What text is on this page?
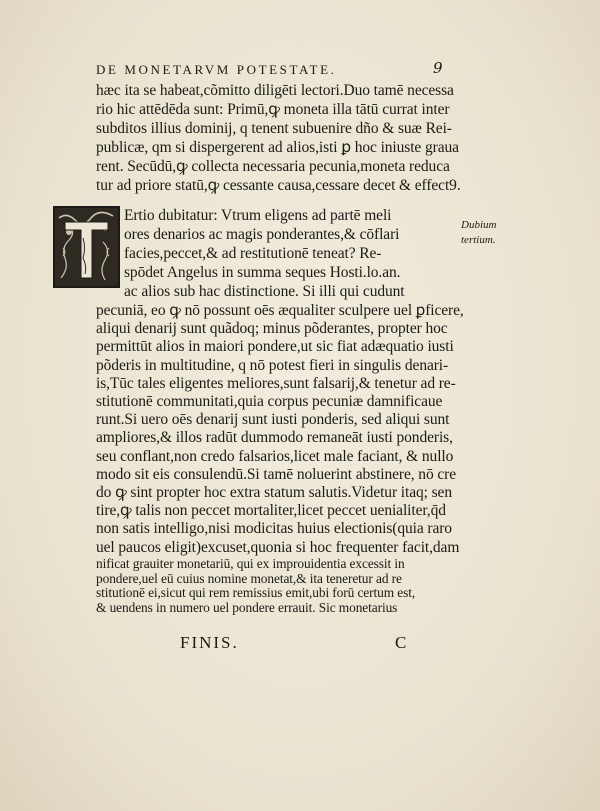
DE MONETARVM POTESTATE.	9
hæc ita se habeat,cõmitto diligēti lectori.Duo tamē necessa
rio hic attēdēda sunt: Primū,ꝙ moneta illa tātū currat inter
subditos illius dominij, q tenent subuenire dño & suæ Rei-
publicæ, qm si dispergerent ad alios,isti ꝑ hoc iniuste graua
rent. Secūdū,ꝙ collecta necessaria pecunia,moneta reduca
tur ad priore statū,ꝙ cessante causa,cessare decet & effect9.
Ertio dubitatur: Vtrum eligens ad partē meli
ores denarios ac magis ponderantes,& cōflari
facies,peccet,& ad restitutionē teneat? Re-
spōdet Angelus in summa seques Hosti.lo.an.
ac alios sub hac distinctione. Si illi qui cudunt
pecuniā, eo ꝙ nō possunt oēs æqualiter sculpere uel ꝑficere,
aliqui denarij sunt quãdoq; minus põderantes, propter hoc
permittūt alios in maiori pondere,ut sic fiat adæquatio iusti
põderis in multitudine, q nō potest fieri in singulis denari-
is,Tūc tales eligentes meliores,sunt falsarij,& tenetur ad re-
stitutionē communitati,quia corpus pecuniæ damnificaue
runt.Si uero oēs denarij sunt iusti ponderis, sed aliqui sunt
ampliores,& illos radūt dummodo remaneāt iusti ponderis,
seu conflant,non credo falsarios,licet male faciant, & nullo
modo sit eis consulendū.Si tamē noluerint abstinere, nō cre
do ꝙ sint propter hoc extra statum salutis.Videtur itaq; sen
tire,ꝙ talis non peccet mortaliter,licet peccet uenialiter,q̄d
non satis intelligo,nisi modicitas huius electionis(quia raro
uel paucos eligit)excuset,quonia si hoc frequenter facit,dam
nificat grauiter monetariū, qui ex improuidentia excessit in
pondere,uel eū cuius nomine monetat,& ita teneretur ad re
stitutionē ei,sicut qui rem remissius emit,ubi forū certum est,
& uendens in numero uel pondere errauit. Sic monetarius
Dubium
tertium.
FINIS.	C
